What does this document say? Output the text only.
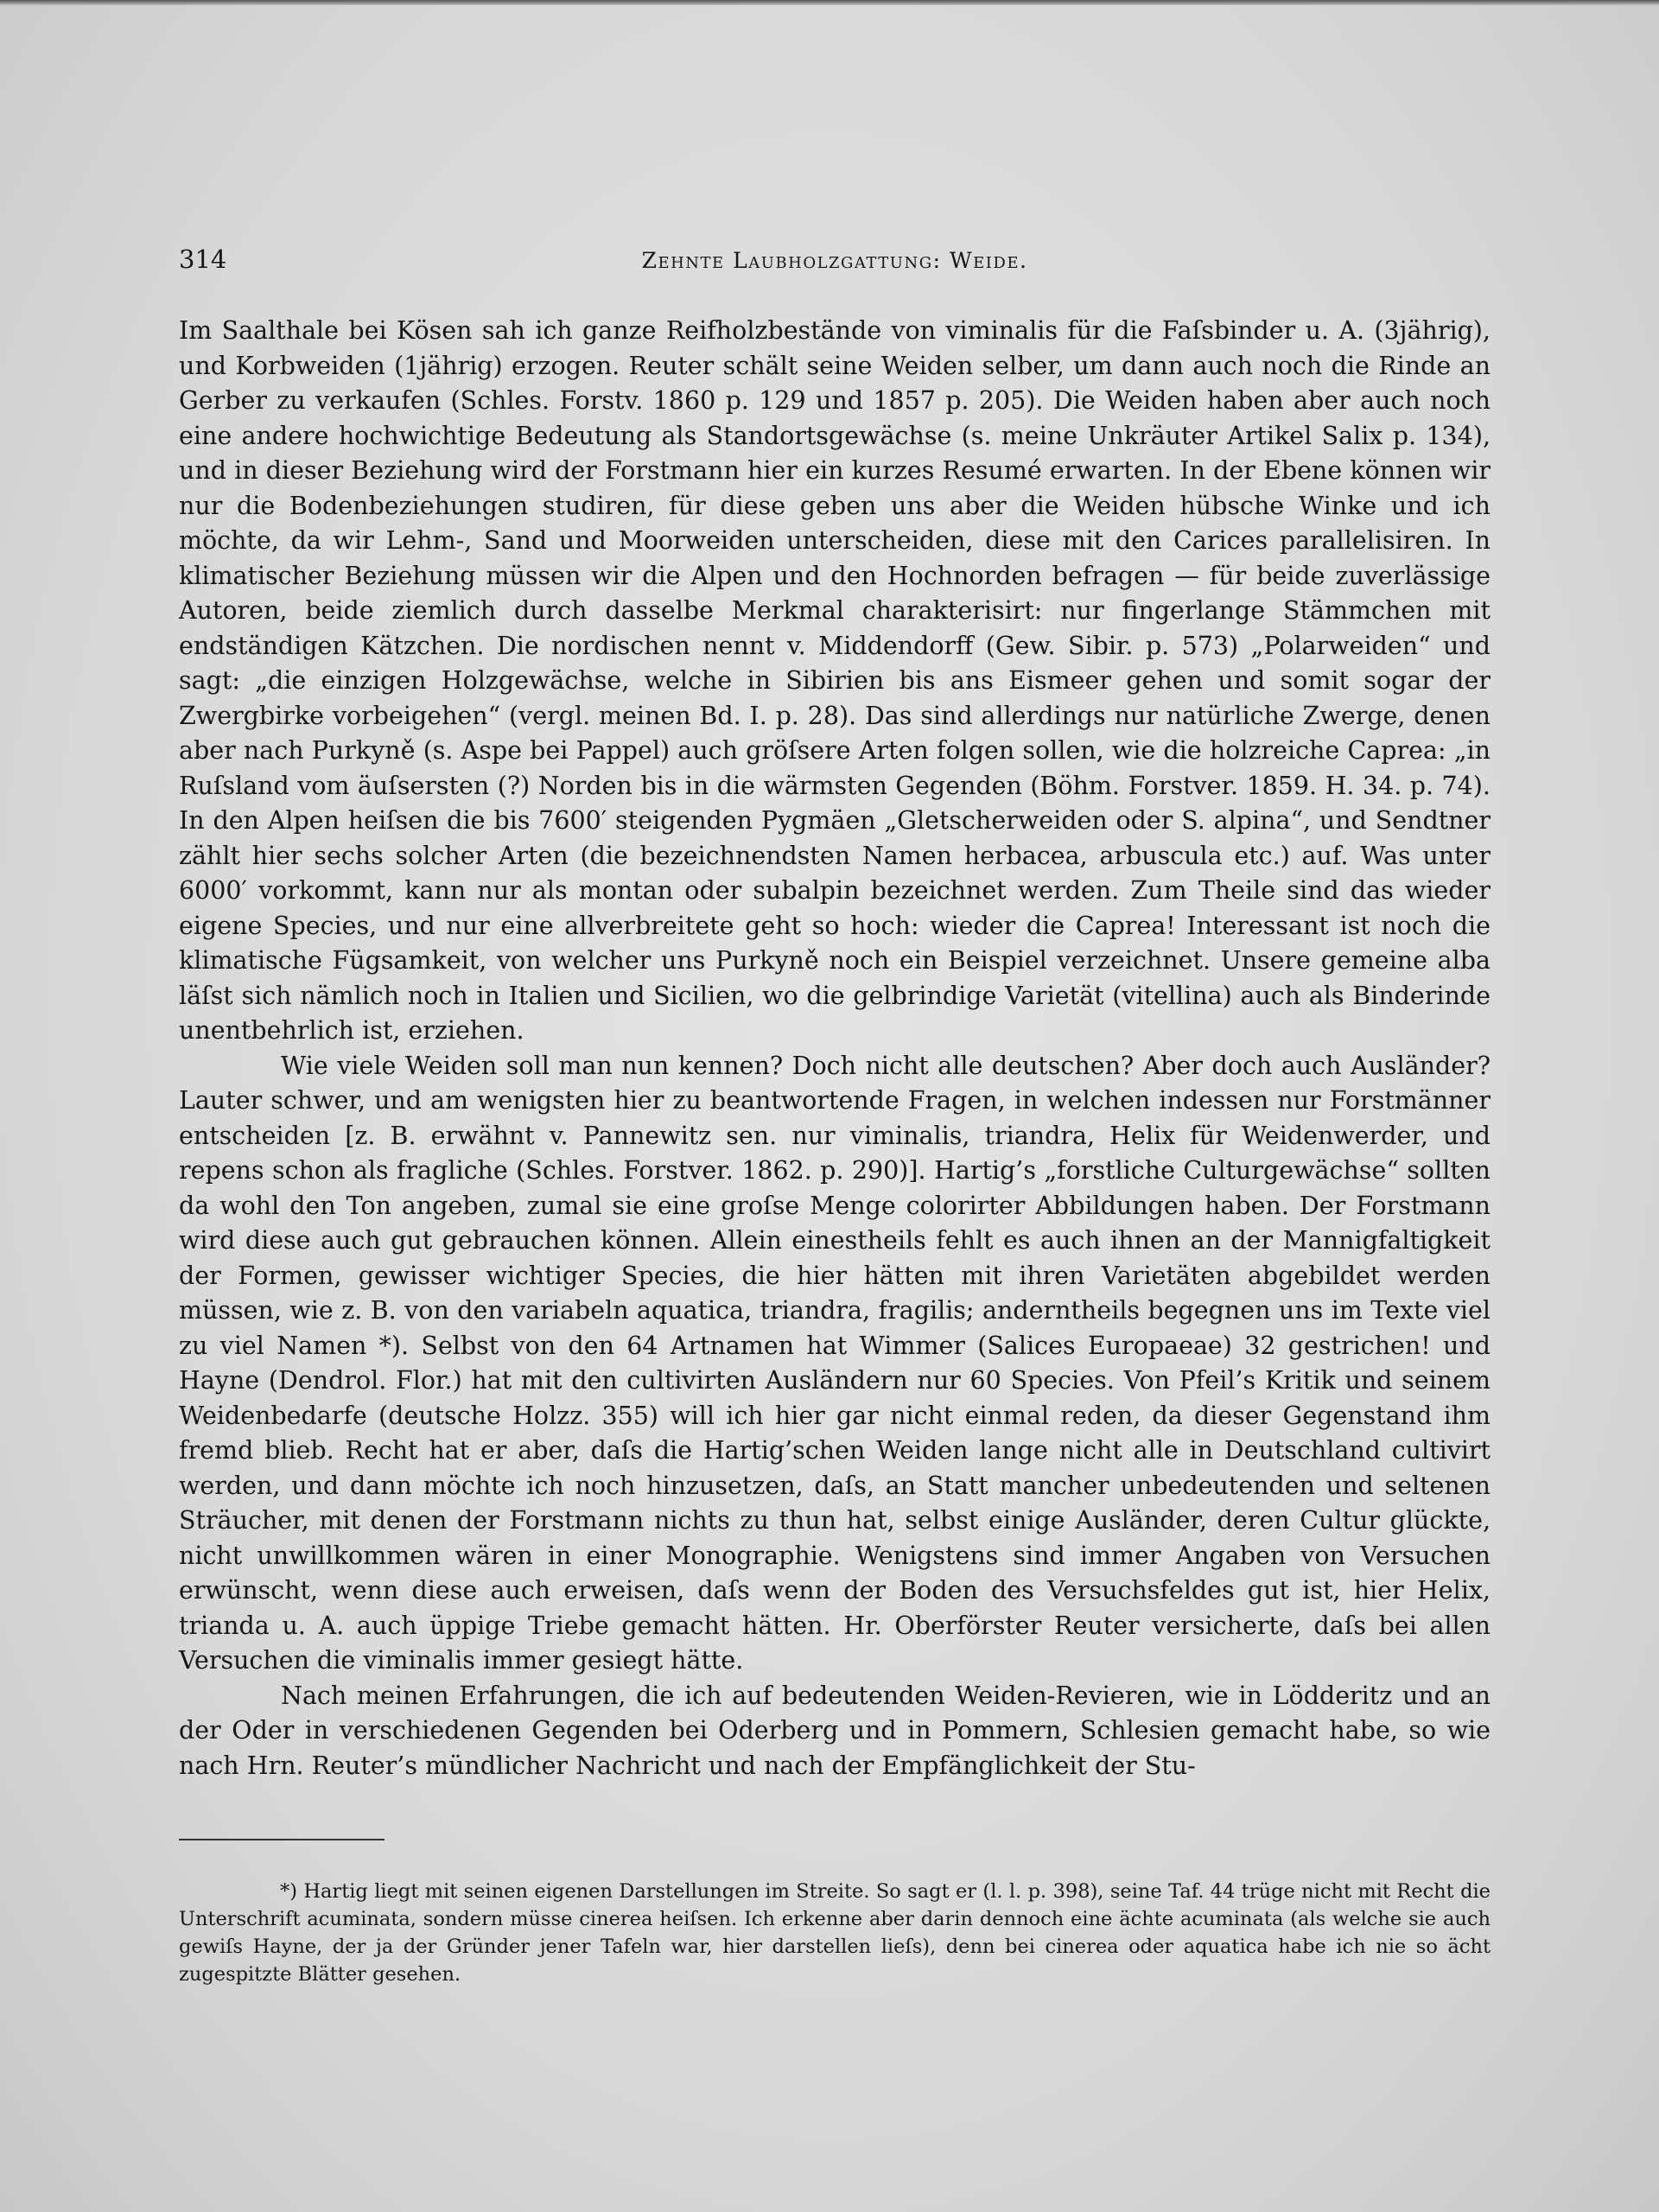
314	Zehnte Laubholzgattung: Weide.

Im Saalthale bei Kösen sah ich ganze Reifholzbestände von viminalis für die Faſsbinder u. A. (3jährig), und Korbweiden (1jährig) erzogen. Reuter schält seine Weiden selber, um dann auch noch die Rinde an Gerber zu verkaufen (Schles. Forstv. 1860 p. 129 und 1857 p. 205). Die Weiden haben aber auch noch eine andere hochwichtige Bedeutung als Standortsgewächse (s. meine Unkräuter Artikel Salix p. 134), und in dieser Beziehung wird der Forstmann hier ein kurzes Resumé erwarten. In der Ebene können wir nur die Bodenbeziehungen studiren, für diese geben uns aber die Weiden hübsche Winke und ich möchte, da wir Lehm-, Sand und Moorweiden unterscheiden, diese mit den Carices parallelisiren. In klimatischer Beziehung müssen wir die Alpen und den Hochnorden befragen — für beide zuverlässige Autoren, beide ziemlich durch dasselbe Merkmal charakterisirt: nur fingerlange Stämmchen mit endständigen Kätzchen. Die nordischen nennt v. Middendorff (Gew. Sibir. p. 573) „Polarweiden“ und sagt: „die einzigen Holzgewächse, welche in Sibirien bis ans Eismeer gehen und somit sogar der Zwergbirke vorbeigehen“ (vergl. meinen Bd. I. p. 28). Das sind allerdings nur natürliche Zwerge, denen aber nach Purkyně (s. Aspe bei Pappel) auch gröſsere Arten folgen sollen, wie die holzreiche Caprea: „in Ruſsland vom äuſsersten (?) Norden bis in die wärmsten Gegenden (Böhm. Forstver. 1859. H. 34. p. 74). In den Alpen heiſsen die bis 7600′ steigenden Pygmäen „Gletscherweiden oder S. alpina“, und Sendtner zählt hier sechs solcher Arten (die bezeichnendsten Namen herbacea, arbuscula etc.) auf. Was unter 6000′ vorkommt, kann nur als montan oder subalpin bezeichnet werden. Zum Theile sind das wieder eigene Species, und nur eine allverbreitete geht so hoch: wieder die Caprea! Interessant ist noch die klimatische Fügsamkeit, von welcher uns Purkyně noch ein Beispiel verzeichnet. Unsere gemeine alba läſst sich nämlich noch in Italien und Sicilien, wo die gelbrindige Varietät (vitellina) auch als Binderinde unentbehrlich ist, erziehen.

Wie viele Weiden soll man nun kennen? Doch nicht alle deutschen? Aber doch auch Ausländer? Lauter schwer, und am wenigsten hier zu beantwortende Fragen, in welchen indessen nur Forstmänner entscheiden [z. B. erwähnt v. Pannewitz sen. nur viminalis, triandra, Helix für Weidenwerder, und repens schon als fragliche (Schles. Forstver. 1862. p. 290)]. Hartig’s „forstliche Culturgewächse“ sollten da wohl den Ton angeben, zumal sie eine groſse Menge colorirter Abbildungen haben. Der Forstmann wird diese auch gut gebrauchen können. Allein einestheils fehlt es auch ihnen an der Mannigfaltigkeit der Formen, gewisser wichtiger Species, die hier hätten mit ihren Varietäten abgebildet werden müssen, wie z. B. von den variabeln aquatica, triandra, fragilis; anderntheils begegnen uns im Texte viel zu viel Namen *). Selbst von den 64 Artnamen hat Wimmer (Salices Europaeae) 32 gestrichen! und Hayne (Dendrol. Flor.) hat mit den cultivirten Ausländern nur 60 Species. Von Pfeil’s Kritik und seinem Weidenbedarfe (deutsche Holzz. 355) will ich hier gar nicht einmal reden, da dieser Gegenstand ihm fremd blieb. Recht hat er aber, daſs die Hartig’schen Weiden lange nicht alle in Deutschland cultivirt werden, und dann möchte ich noch hinzusetzen, daſs, an Statt mancher unbedeutenden und seltenen Sträucher, mit denen der Forstmann nichts zu thun hat, selbst einige Ausländer, deren Cultur glückte, nicht unwillkommen wären in einer Monographie. Wenigstens sind immer Angaben von Versuchen erwünscht, wenn diese auch erweisen, daſs wenn der Boden des Versuchsfeldes gut ist, hier Helix, trianda u. A. auch üppige Triebe gemacht hätten. Hr. Oberförster Reuter versicherte, daſs bei allen Versuchen die viminalis immer gesiegt hätte.

Nach meinen Erfahrungen, die ich auf bedeutenden Weiden-Revieren, wie in Lödderitz und an der Oder in verschiedenen Gegenden bei Oderberg und in Pommern, Schlesien gemacht habe, so wie nach Hrn. Reuter’s mündlicher Nachricht und nach der Empfänglichkeit der Stu-

*) Hartig liegt mit seinen eigenen Darstellungen im Streite. So sagt er (l. l. p. 398), seine Taf. 44 trüge nicht mit Recht die Unterschrift acuminata, sondern müsse cinerea heiſsen. Ich erkenne aber darin dennoch eine ächte acuminata (als welche sie auch gewiſs Hayne, der ja der Gründer jener Tafeln war, hier darstellen lieſs), denn bei cinerea oder aquatica habe ich nie so ächt zugespitzte Blätter gesehen.
